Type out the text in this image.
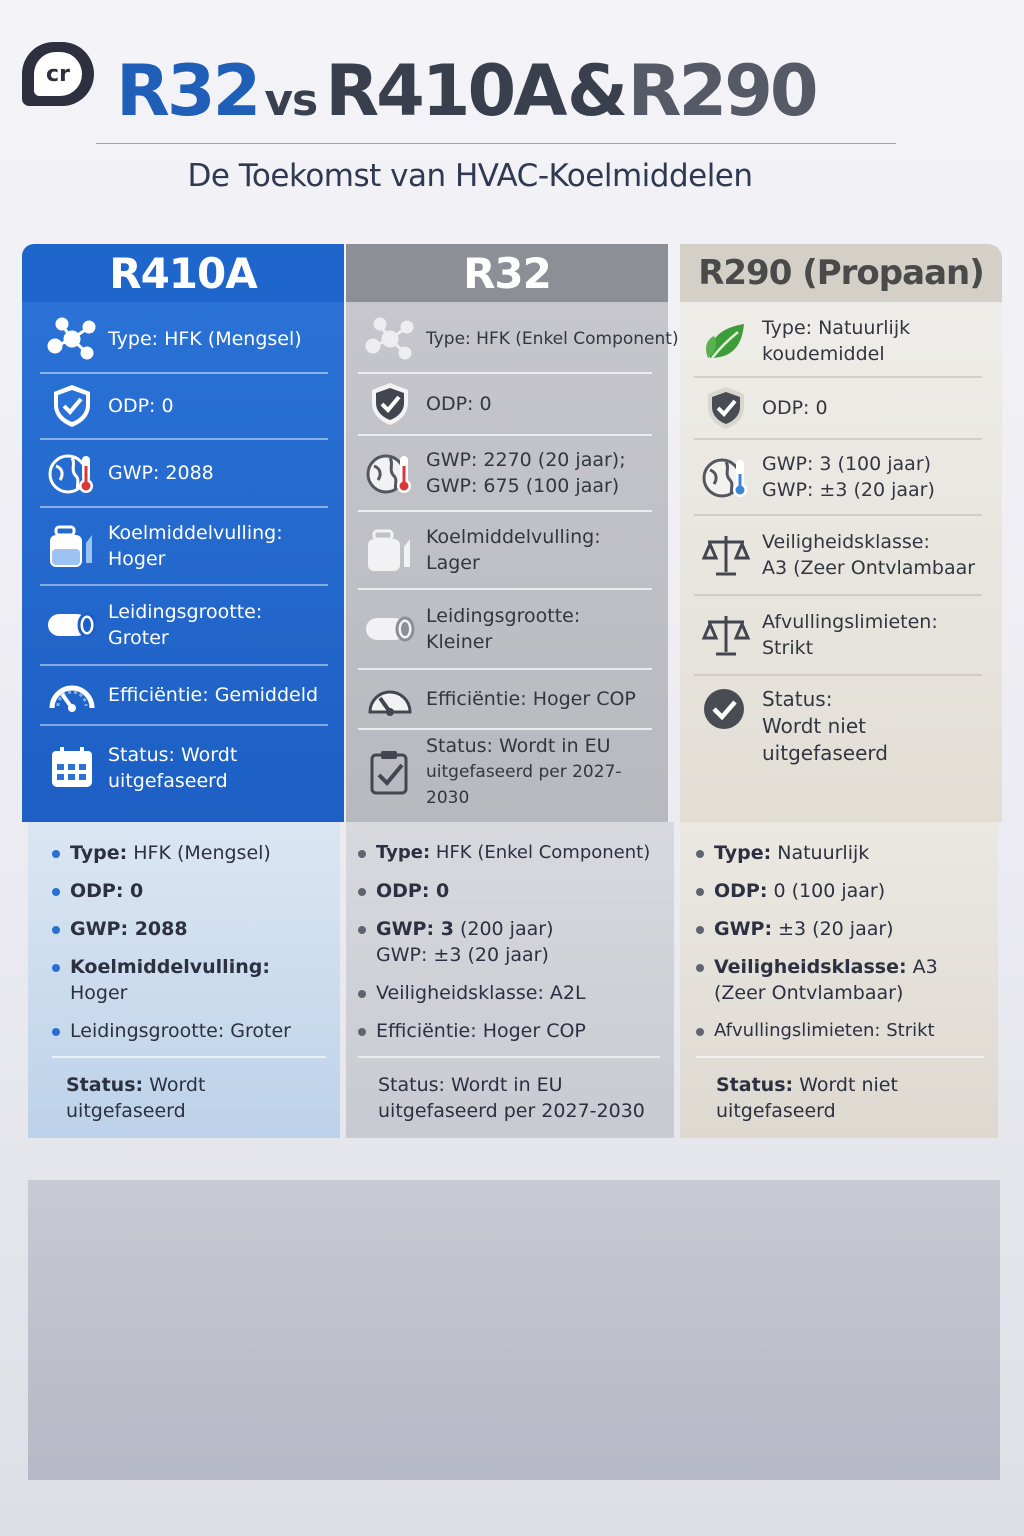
cr R32 vs R410A & R290
De Toekomst van HVAC-Koelmiddelen
R410A
Type: HFK (Mengsel)
ODP: 0
GWP: 2088
Koelmiddelvulling:
Hoger
Leidingsgrootte:
Groter
Efficiëntie: Gemiddeld
Status: Wordt
uitgefaseerd
R32
Type: HFK (Enkel Component)
ODP: 0
GWP: 2270 (20 jaar);
GWP: 675 (100 jaar)
Koelmiddelvulling:
Lager
Leidingsgrootte: Kleiner
Efficiëntie: Hoger COP
Status: Wordt in EU
uitgefaseerd per 2027-2030
R290 (Propaan)
Type: Natuurlijk
koudemiddel
ODP: 0
GWP: 3 (100 jaar)
GWP: ±3 (20 jaar)
Veiligheidsklasse:
A3 (Zeer Ontvlambaar
Afvullingslimieten:
Strikt
Status:
Wordt niet uitgefaseerd
Type: HFK (Mengsel)
ODP: 0
GWP: 2088
Koelmiddelvulling:
Hoger
Leidingsgrootte: Groter
Status: Wordt uitgefaseerd
Type: HFK (Enkel Component)
ODP: 0
GWP: 3 (200 jaar) GWP: ±3 (20 jaar)
Veiligheidsklasse: A2L
Efficiëntie: Hoger COP
Status: Wordt in EU uitgefaseerd per 2027-2030
Type: Natuurlijk
ODP: 0 (100 jaar)
GWP: ±3 (20 jaar)
Veiligheidsklasse: A3 (Zeer Ontvlambaar)
Afvullingslimieten: Strikt
Status: Wordt niet uitgefaseerd
